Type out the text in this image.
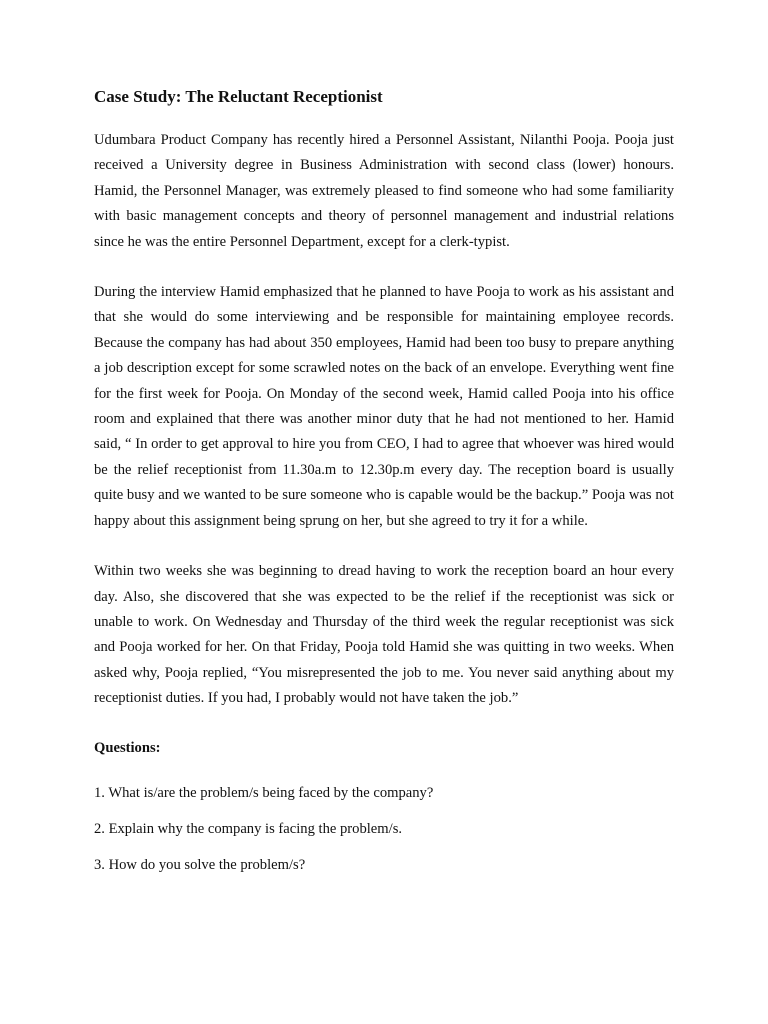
Case Study: The Reluctant Receptionist

Udumbara Product Company has recently hired a Personnel Assistant, Nilanthi Pooja. Pooja just received a University degree in Business Administration with second class (lower) honours. Hamid, the Personnel Manager, was extremely pleased to find someone who had some familiarity with basic management concepts and theory of personnel management and industrial relations since he was the entire Personnel Department, except for a clerk-typist.

During the interview Hamid emphasized that he planned to have Pooja to work as his assistant and that she would do some interviewing and be responsible for maintaining employee records. Because the company has had about 350 employees, Hamid had been too busy to prepare anything a job description except for some scrawled notes on the back of an envelope. Everything went fine for the first week for Pooja. On Monday of the second week, Hamid called Pooja into his office room and explained that there was another minor duty that he had not mentioned to her. Hamid said, “ In order to get approval to hire you from CEO, I had to agree that whoever was hired would be the relief receptionist from 11.30a.m to 12.30p.m every day. The reception board is usually quite busy and we wanted to be sure someone who is capable would be the backup.” Pooja was not happy about this assignment being sprung on her, but she agreed to try it for a while.

Within two weeks she was beginning to dread having to work the reception board an hour every day. Also, she discovered that she was expected to be the relief if the receptionist was sick or unable to work. On Wednesday and Thursday of the third week the regular receptionist was sick and Pooja worked for her. On that Friday, Pooja told Hamid she was quitting in two weeks. When asked why, Pooja replied, “You misrepresented the job to me. You never said anything about my receptionist duties. If you had, I probably would not have taken the job.”

Questions:
1. What is/are the problem/s being faced by the company?
2. Explain why the company is facing the problem/s.
3. How do you solve the problem/s?
